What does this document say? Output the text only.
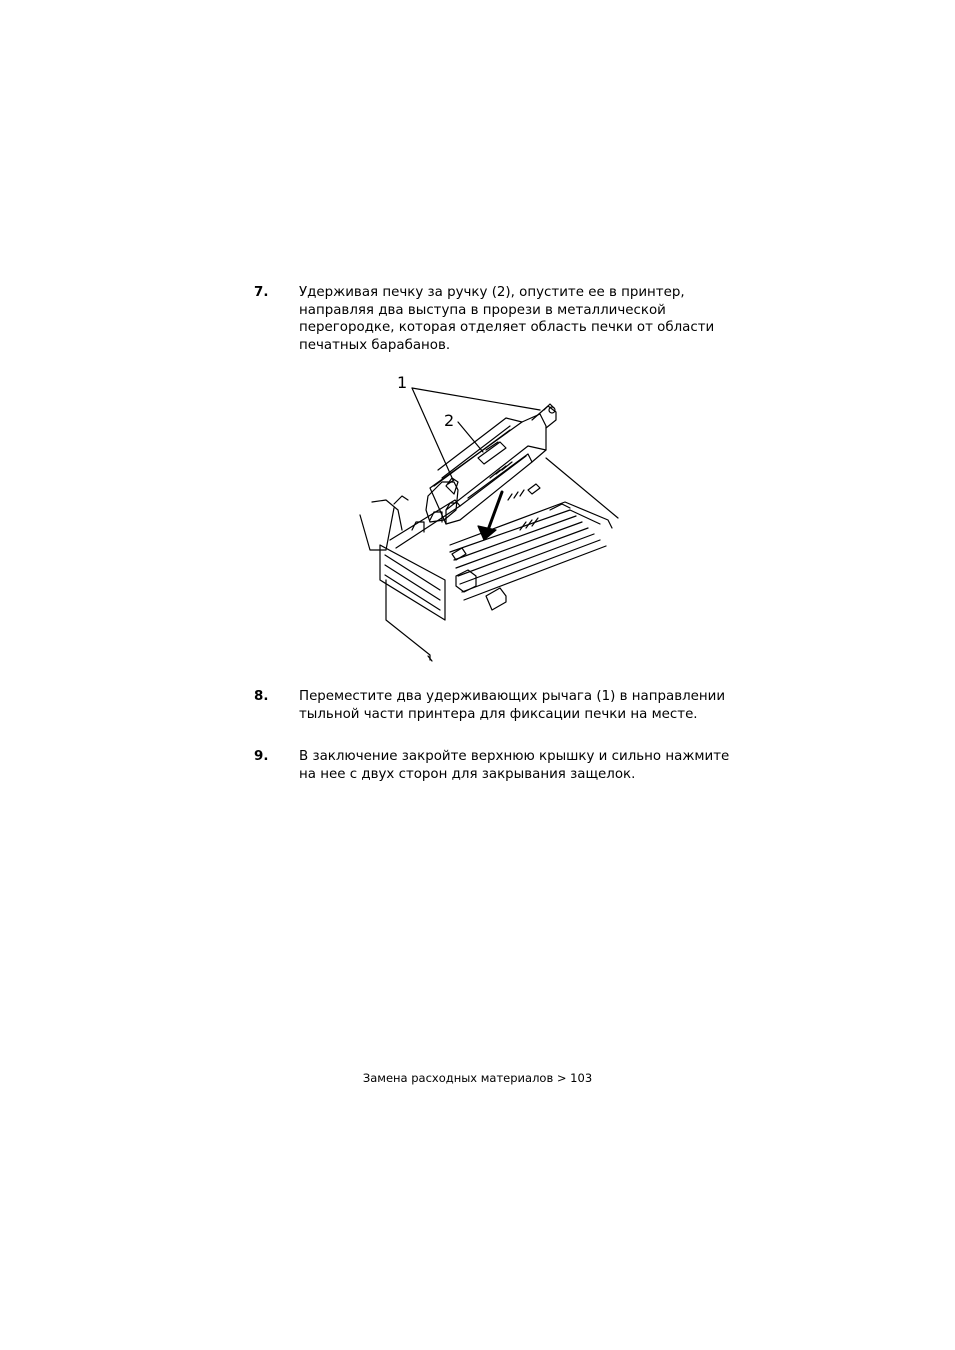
7. Удерживая печку за ручку (2), опустите ее в принтер, направляя два выступа в прорези в металлической перегородке, которая отделяет область печки от области печатных барабанов.
1
2
8. Переместите два удерживающих рычага (1) в направлении тыльной части принтера для фиксации печки на месте.
9. В заключение закройте верхнюю крышку и сильно нажмите на нее с двух сторон для закрывания защелок.
Замена расходных материалов > 103
